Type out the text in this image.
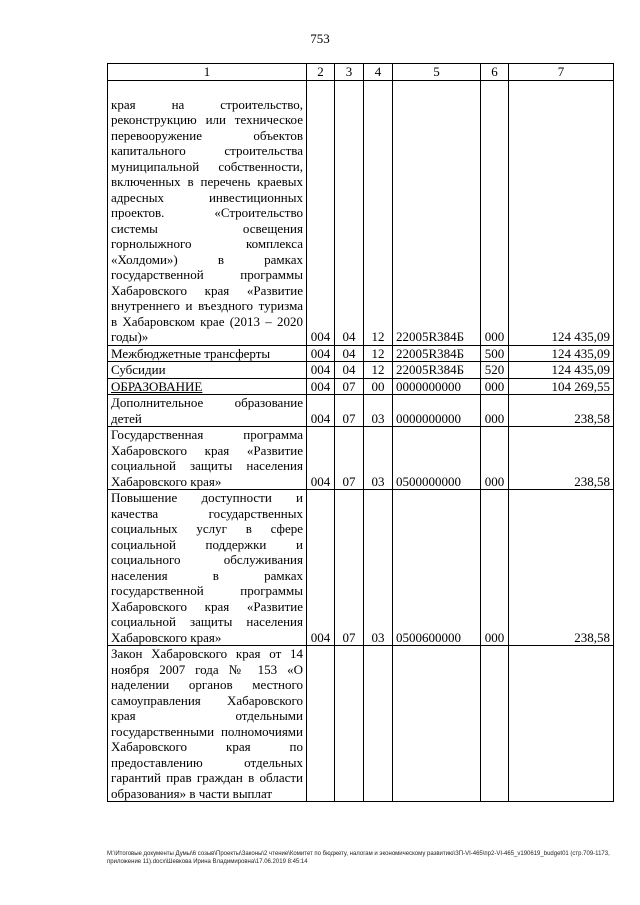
753
1	2	3	4	5	6	7
края на строительство, реконструкцию или техническое перевооружение объектов капитального строительства муниципальной собственности, включенных в перечень краевых адресных инвестиционных проектов. «Строительство системы освещения горнолыжного комплекса «Холдоми») в рамках государственной программы Хабаровского края «Развитие внутреннего и въездного туризма в Хабаровском крае (2013 – 2020 годы)»	004	04	12	22005R384Б	000	124 435,09
Межбюджетные трансферты	004	04	12	22005R384Б	500	124 435,09
Субсидии	004	04	12	22005R384Б	520	124 435,09
ОБРАЗОВАНИЕ	004	07	00	0000000000	000	104 269,55
Дополнительное образование детей	004	07	03	0000000000	000	238,58
Государственная программа Хабаровского края «Развитие социальной защиты населения Хабаровского края»	004	07	03	0500000000	000	238,58
Повышение доступности и качества государственных социальных услуг в сфере социальной поддержки и социального обслуживания населения в рамках государственной программы Хабаровского края «Развитие социальной защиты населения Хабаровского края»	004	07	03	0500600000	000	238,58
Закон Хабаровского края от 14 ноября 2007 года № 153 «О наделении органов местного самоуправления Хабаровского края отдельными государственными полномочиями Хабаровского края по предоставлению отдельных гарантий прав граждан в области образования» в части выплат						
M:\Итоговые документы Думы\6 созыв\Проекты\Законы\2 чтение\Комитет по бюджету, налогам и экономическому развитию\ЗП-VI-465\пр2-VI-465_v190619_budget01 (стр.709-1173, приложение 11).docx\Шевкова Ирина Владимировна\17.06.2019 8:45:14
